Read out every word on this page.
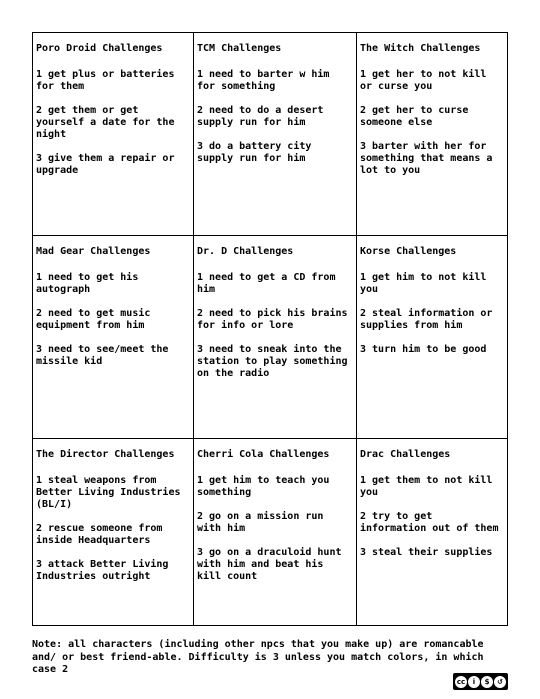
Poro Droid Challenges
1 get plus or batteries for them
2 get them or get yourself a date for the night
3 give them a repair or upgrade
TCM Challenges
1 need to barter w him for something
2 need to do a desert supply run for him
3 do a battery city supply run for him
The Witch Challenges
1 get her to not kill or curse you
2 get her to curse someone else
3 barter with her for something that means a lot to you
Mad Gear Challenges
1 need to get his autograph
2 need to get music equipment from him
3 need to see/meet the missile kid
Dr. D Challenges
1 need to get a CD from him
2 need to pick his brains for info or lore
3 need to sneak into the station to play something on the radio
Korse Challenges
1 get him to not kill you
2 steal information or supplies from him
3 turn him to be good
The Director Challenges
1 steal weapons from Better Living Industries (BL/I)
2 rescue someone from inside Headquarters
3 attack Better Living Industries outright
Cherri Cola Challenges
1 get him to teach you something
2 go on a mission run with him
3 go on a draculoid hunt with him and beat his kill count
Drac Challenges
1 get them to not kill you
2 try to get information out of them
3 steal their supplies
Note: all characters (including other npcs that you make up) are romancable and/ or best friend-able. Difficulty is 3 unless you match colors, in which case 2
cc	i	$	↺
